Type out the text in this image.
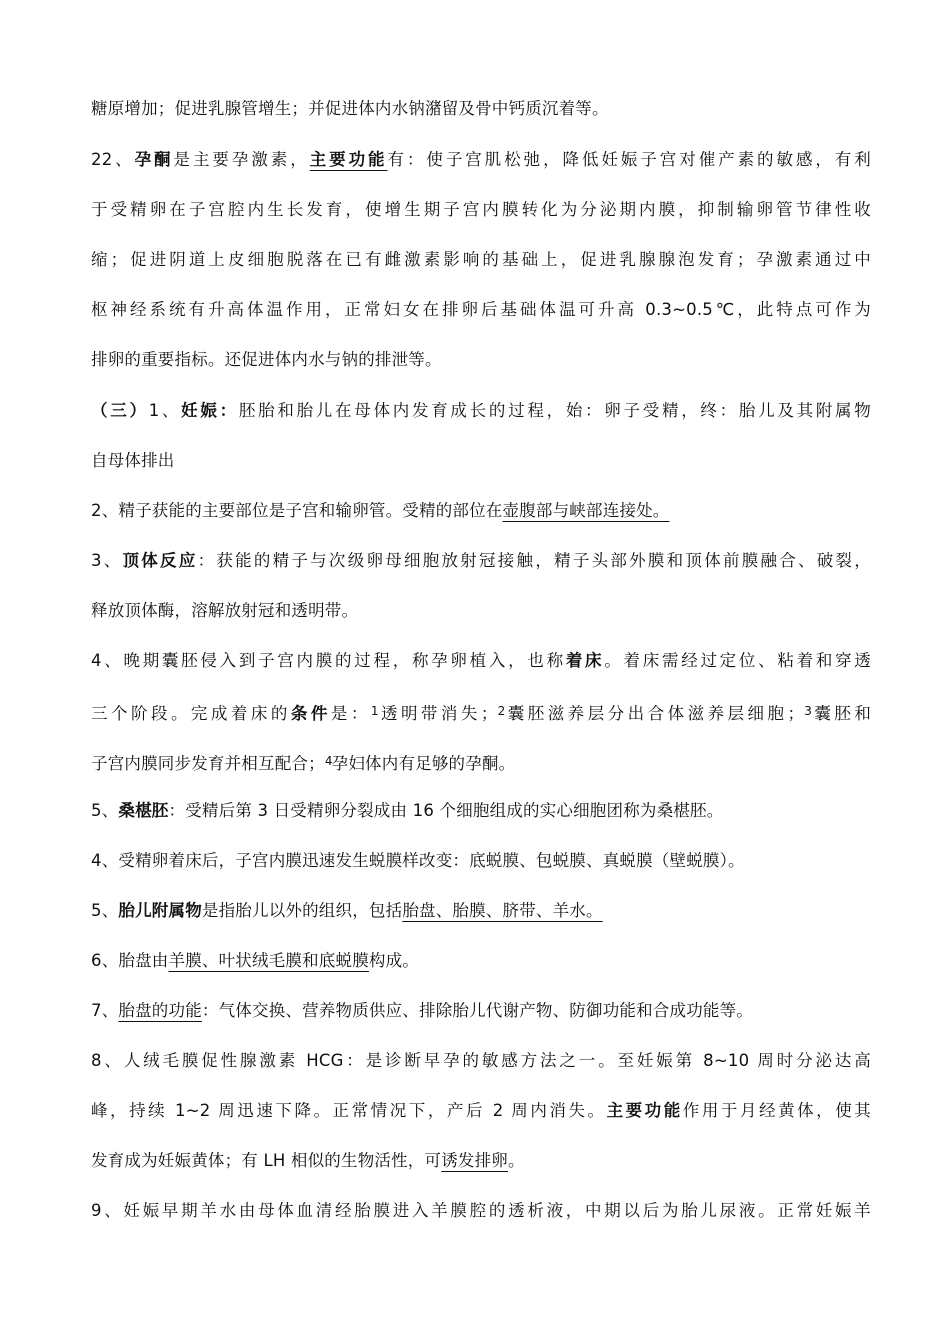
糖原增加；促进乳腺管增生；并促进体内水钠潴留及骨中钙质沉着等。
22、孕酮是主要孕激素，主要功能有：使子宫肌松弛，降低妊娠子宫对催产素的敏感，有利
于受精卵在子宫腔内生长发育，使增生期子宫内膜转化为分泌期内膜，抑制输卵管节律性收
缩；促进阴道上皮细胞脱落在已有雌激素影响的基础上，促进乳腺腺泡发育；孕激素通过中
枢神经系统有升高体温作用，正常妇女在排卵后基础体温可升高 0.3~0.5℃，此特点可作为
排卵的重要指标。还促进体内水与钠的排泄等。
（三）1、妊娠：胚胎和胎儿在母体内发育成长的过程，始：卵子受精，终：胎儿及其附属物
自母体排出
2、精子获能的主要部位是子宫和输卵管。受精的部位在壶腹部与峡部连接处。
3、顶体反应：获能的精子与次级卵母细胞放射冠接触，精子头部外膜和顶体前膜融合、破裂，
释放顶体酶，溶解放射冠和透明带。
4、晚期囊胚侵入到子宫内膜的过程，称孕卵植入，也称着床。着床需经过定位、粘着和穿透
三个阶段。完成着床的条件是：$^1$透明带消失；$^2$囊胚滋养层分出合体滋养层细胞；$^3$囊胚和
子宫内膜同步发育并相互配合；$^4$孕妇体内有足够的孕酮。
5、桑椹胚：受精后第 3 日受精卵分裂成由 16 个细胞组成的实心细胞团称为桑椹胚。
4、受精卵着床后，子宫内膜迅速发生蜕膜样改变：底蜕膜、包蜕膜、真蜕膜（壁蜕膜）。
5、胎儿附属物是指胎儿以外的组织，包括胎盘、胎膜、脐带、羊水。
6、胎盘由羊膜、叶状绒毛膜和底蜕膜构成。
7、胎盘的功能：气体交换、营养物质供应、排除胎儿代谢产物、防御功能和合成功能等。
8、人绒毛膜促性腺激素 HCG：是诊断早孕的敏感方法之一。至妊娠第 8~10 周时分泌达高
峰，持续 1~2 周迅速下降。正常情况下，产后 2 周内消失。主要功能作用于月经黄体，使其
发育成为妊娠黄体；有 LH 相似的生物活性，可诱发排卵。
9、妊娠早期羊水由母体血清经胎膜进入羊膜腔的透析液，中期以后为胎儿尿液。正常妊娠羊
